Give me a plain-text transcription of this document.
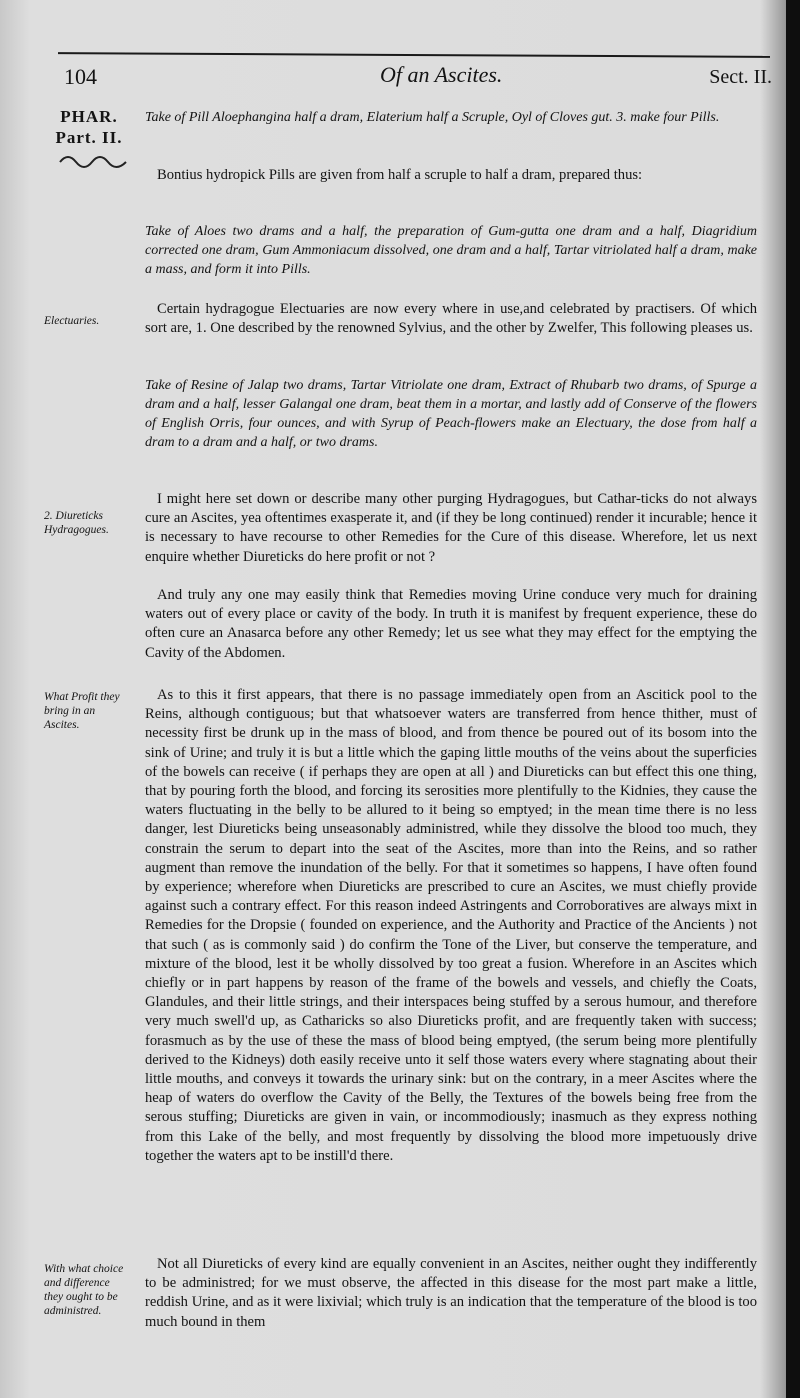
104	Of an Ascites.	Sect. II.
PHAR.
Part. II.
Electuaries.
2. Diureticks Hydragogues.
What Profit they bring in an Ascites.
With what choice and difference they ought to be administred.

Take of Pill Aloephangina half a dram, Elaterium half a Scruple, Oyl of Cloves gut. 3. make four Pills.

Bontius hydropick Pills are given from half a scruple to half a dram, prepared thus:

Take of Aloes two drams and a half, the preparation of Gum-gutta one dram and a half, Diagridium corrected one dram, Gum Ammoniacum dissolved, one dram and a half, Tartar vitriolated half a dram, make a mass, and form it into Pills.

Certain hydragogue Electuaries are now every where in use,and celebrated by practisers. Of which sort are, 1. One described by the renowned Sylvius, and the other by Zwelfer, This following pleases us.

Take of Resine of Jalap two drams, Tartar Vitriolate one dram, Extract of Rhubarb two drams, of Spurge a dram and a half, lesser Galangal one dram, beat them in a mortar, and lastly add of Conserve of the flowers of English Orris, four ounces, and with Syrup of Peach-flowers make an Electuary, the dose from half a dram to a dram and a half, or two drams.

I might here set down or describe many other purging Hydragogues, but Cathar-ticks do not always cure an Ascites, yea oftentimes exasperate it, and (if they be long continued) render it incurable; hence it is necessary to have recourse to other Remedies for the Cure of this disease. Wherefore, let us next enquire whether Diureticks do here profit or not ?

And truly any one may easily think that Remedies moving Urine conduce very much for draining waters out of every place or cavity of the body. In truth it is manifest by frequent experience, these do often cure an Anasarca before any other Remedy; let us see what they may effect for the emptying the Cavity of the Abdomen.

As to this it first appears, that there is no passage immediately open from an Ascitick pool to the Reins, although contiguous; but that whatsoever waters are transferred from hence thither, must of necessity first be drunk up in the mass of blood, and from thence be poured out of its bosom into the sink of Urine; and truly it is but a little which the gaping little mouths of the veins about the superficies of the bowels can receive ( if perhaps they are open at all ) and Diureticks can but effect this one thing, that by pouring forth the blood, and forcing its serosities more plentifully to the Kidnies, they cause the waters fluctuating in the belly to be allured to it being so emptyed; in the mean time there is no less danger, lest Diureticks being unseasonably administred, while they dissolve the blood too much, they constrain the serum to depart into the seat of the Ascites, more than into the Reins, and so rather augment than remove the inundation of the belly. For that it sometimes so happens, I have often found by experience; wherefore when Diureticks are prescribed to cure an Ascites, we must chiefly provide against such a contrary effect. For this reason indeed Astringents and Corroboratives are always mixt in Remedies for the Dropsie ( founded on experience, and the Authority and Practice of the Ancients ) not that such ( as is commonly said ) do confirm the Tone of the Liver, but conserve the temperature, and mixture of the blood, lest it be wholly dissolved by too great a fusion. Wherefore in an Ascites which chiefly or in part happens by reason of the frame of the bowels and vessels, and chiefly the Coats, Glandules, and their little strings, and their interspaces being stuffed by a serous humour, and therefore very much swell'd up, as Catharicks so also Diureticks profit, and are frequently taken with success; forasmuch as by the use of these the mass of blood being emptyed, (the serum being more plentifully derived to the Kidneys) doth easily receive unto it self those waters every where stagnating about their little mouths, and conveys it towards the urinary sink: but on the contrary, in a meer Ascites where the heap of waters do overflow the Cavity of the Belly, the Textures of the bowels being free from the serous stuffing; Diureticks are given in vain, or incommodiously; inasmuch as they express nothing from this Lake of the belly, and most frequently by dissolving the blood more impetuously drive together the waters apt to be instill'd there.

Not all Diureticks of every kind are equally convenient in an Ascites, neither ought they indifferently to be administred; for we must observe, the affected in this disease for the most part make a little, reddish Urine, and as it were lixivial; which truly is an indication that the temperature of the blood is too much bound in them
